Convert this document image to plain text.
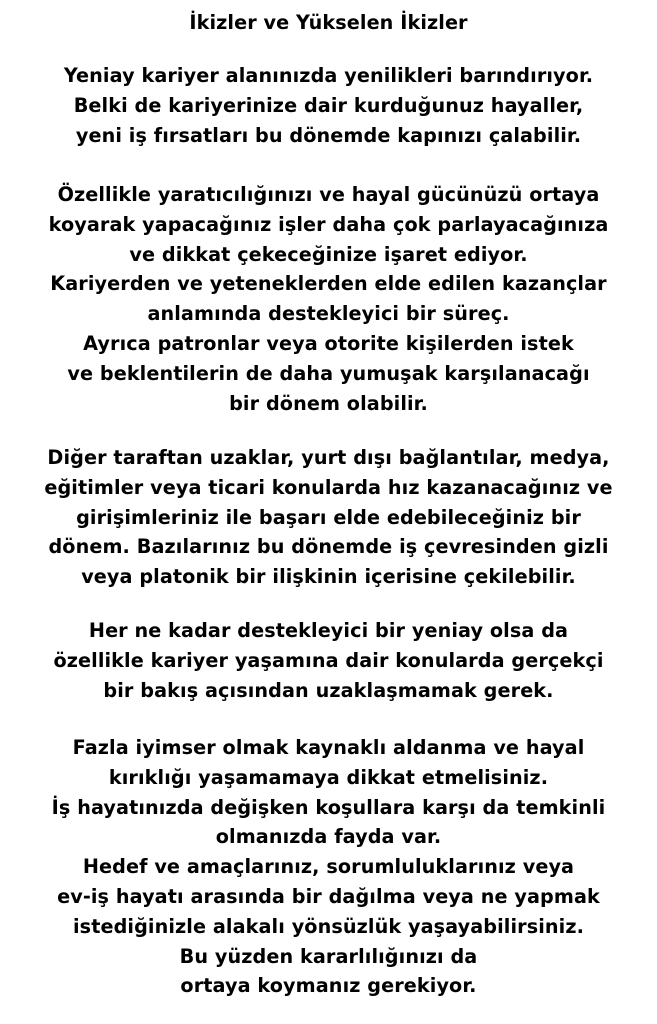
İkizler ve Yükselen İkizler
Yeniay kariyer alanınızda yenilikleri barındırıyor.
Belki de kariyerinize dair kurduğunuz hayaller,
yeni iş fırsatları bu dönemde kapınızı çalabilir.
Özellikle yaratıcılığınızı ve hayal gücünüzü ortaya
koyarak yapacağınız işler daha çok parlayacağınıza
ve dikkat çekeceğinize işaret ediyor.
Kariyerden ve yeteneklerden elde edilen kazançlar
anlamında destekleyici bir süreç.
Ayrıca patronlar veya otorite kişilerden istek
ve beklentilerin de daha yumuşak karşılanacağı
bir dönem olabilir.
Diğer taraftan uzaklar, yurt dışı bağlantılar, medya,
eğitimler veya ticari konularda hız kazanacağınız ve
girişimleriniz ile başarı elde edebileceğiniz bir
dönem. Bazılarınız bu dönemde iş çevresinden gizli
veya platonik bir ilişkinin içerisine çekilebilir.
Her ne kadar destekleyici bir yeniay olsa da
özellikle kariyer yaşamına dair konularda gerçekçi
bir bakış açısından uzaklaşmamak gerek.
Fazla iyimser olmak kaynaklı aldanma ve hayal
kırıklığı yaşamamaya dikkat etmelisiniz.
İş hayatınızda değişken koşullara karşı da temkinli
olmanızda fayda var.
Hedef ve amaçlarınız, sorumluluklarınız veya
ev-iş hayatı arasında bir dağılma veya ne yapmak
istediğinizle alakalı yönsüzlük yaşayabilirsiniz.
Bu yüzden kararlılığınızı da
ortaya koymanız gerekiyor.
